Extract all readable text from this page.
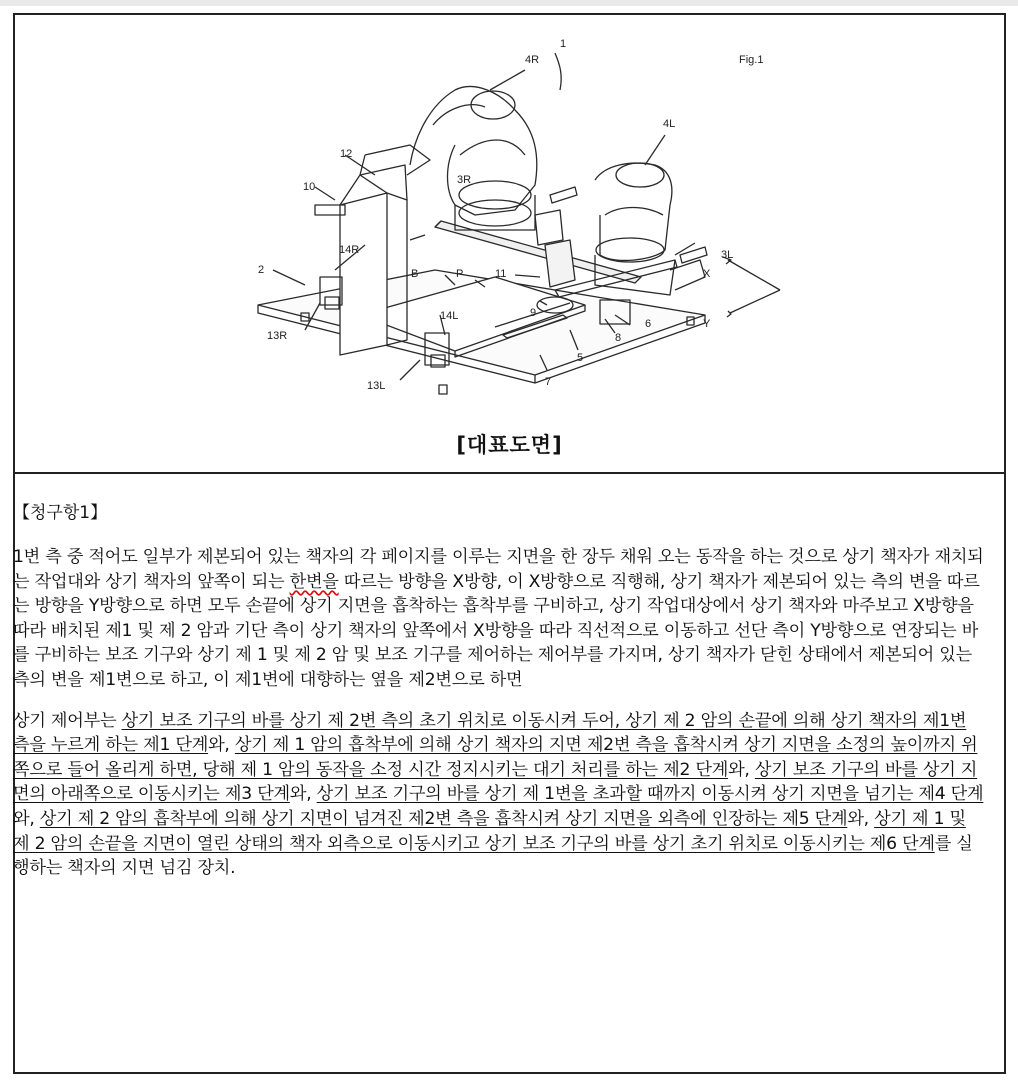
Fig.1
1
4R
4L
12
3R
10
14R
2	B	P	11
3L
X
Y
9
6
8
5
14L
13R
7
13L
[대표도면]

【청구항1】

1변 측 중 적어도 일부가 제본되어 있는 책자의 각 페이지를 이루는 지면을 한 장두 채워 오는 동작을 하는 것으로 상기 책자가 재치되는 작업대와 상기 책자의 앞쪽이 되는 한변을 따르는 방향을 X방향, 이 X방향으로 직행해, 상기 책자가 제본되어 있는 측의 변을 따르는 방향을 Y방향으로 하면 모두 손끝에 상기 지면을 흡착하는 흡착부를 구비하고, 상기 작업대상에서 상기 책자와 마주보고 X방향을 따라 배치된 제1 및 제 2 암과 기단 측이 상기 책자의 앞쪽에서 X방향을 따라 직선적으로 이동하고 선단 측이 Y방향으로 연장되는 바를 구비하는 보조 기구와 상기 제 1 및 제 2 암 및 보조 기구를 제어하는 제어부를 가지며, 상기 책자가 닫힌 상태에서 제본되어 있는 측의 변을 제1변으로 하고, 이 제1변에 대향하는 옆을 제2변으로 하면

상기 제어부는 상기 보조 기구의 바를 상기 제 2변 측의 초기 위치로 이동시켜 두어, 상기 제 2 암의 손끝에 의해 상기 책자의 제1변 측을 누르게 하는 제1 단계와, 상기 제 1 암의 흡착부에 의해 상기 책자의 지면 제2변 측을 흡착시켜 상기 지면을 소정의 높이까지 위쪽으로 들어 올리게 하면, 당해 제 1 암의 동작을 소정 시간 정지시키는 대기 처리를 하는 제2 단계와, 상기 보조 기구의 바를 상기 지면의 아래쪽으로 이동시키는 제3 단계와, 상기 보조 기구의 바를 상기 제 1변을 초과할 때까지 이동시켜 상기 지면을 넘기는 제4 단계와, 상기 제 2 암의 흡착부에 의해 상기 지면이 넘겨진 제2변 측을 흡착시켜 상기 지면을 외측에 인장하는 제5 단계와, 상기 제 1 및 제 2 암의 손끝을 지면이 열린 상태의 책자 외측으로 이동시키고 상기 보조 기구의 바를 상기 초기 위치로 이동시키는 제6 단계를 실행하는 책자의 지면 넘김 장치.
